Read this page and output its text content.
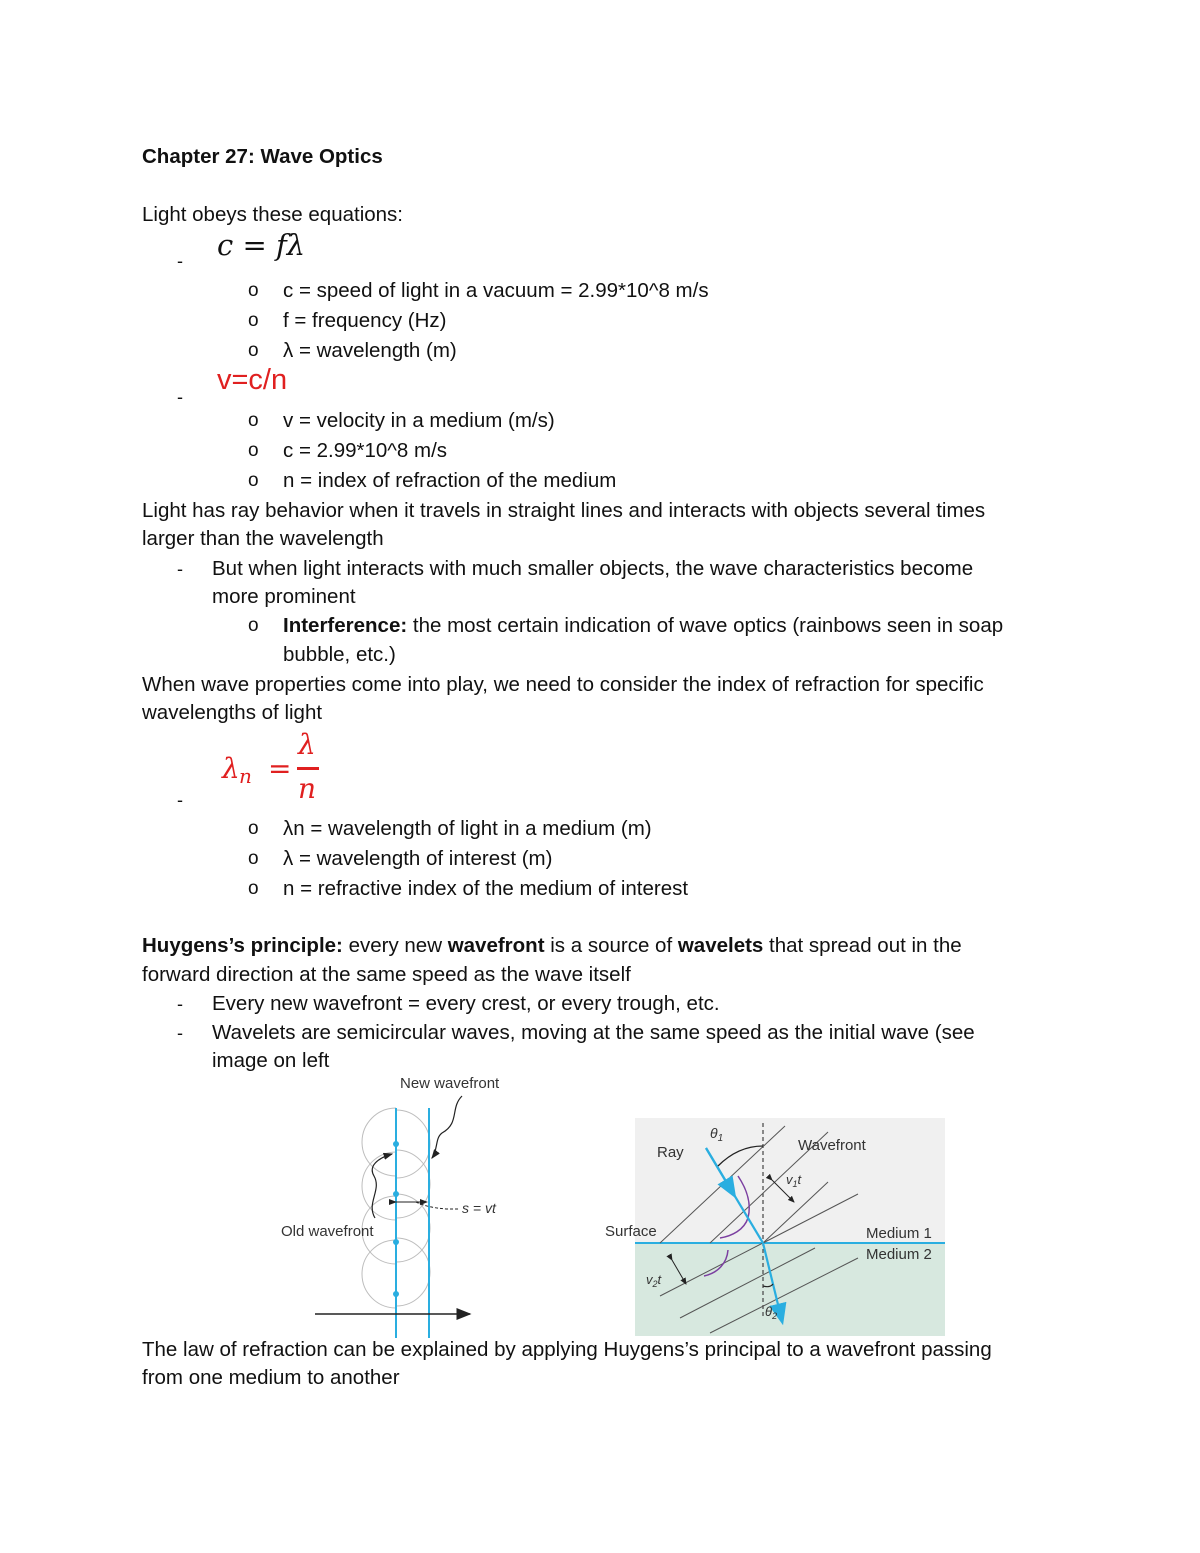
Chapter 27: Wave Optics
Light obeys these equations:
- c = fλ
o c = speed of light in a vacuum = 2.99*10^8 m/s
o f = frequency (Hz)
o λ = wavelength (m)
-
v=c/n
o v = velocity in a medium (m/s)
o c = 2.99*10^8 m/s
o n = index of refraction of the medium
Light has ray behavior when it travels in straight lines and interacts with objects several times
larger than the wavelength
- But when light interacts with much smaller objects, the wave characteristics become
more prominent
o Interference: the most certain indication of wave optics (rainbows seen in soap
bubble, etc.)
When wave properties come into play, we need to consider the index of refraction for specific
wavelengths of light
-
λ n =
λ
n
o λn = wavelength of light in a medium (m)
o λ = wavelength of interest (m)
o n = refractive index of the medium of interest
Huygens’s principle: every new wavefront is a source of wavelets that spread out in the
forward direction at the same speed as the wave itself
- Every new wavefront = every crest, or every trough, etc.
- Wavelets are semicircular waves, moving at the same speed as the initial wave (see
image on left
New wavefront
Old wavefront
s = vt
Ray
$\theta_1$	Wavefront
$v_1t$
Surface	Medium 1
Medium 2
$v_2t$
$\theta_2$
The law of refraction can be explained by applying Huygens’s principal to a wavefront passing
from one medium to another
